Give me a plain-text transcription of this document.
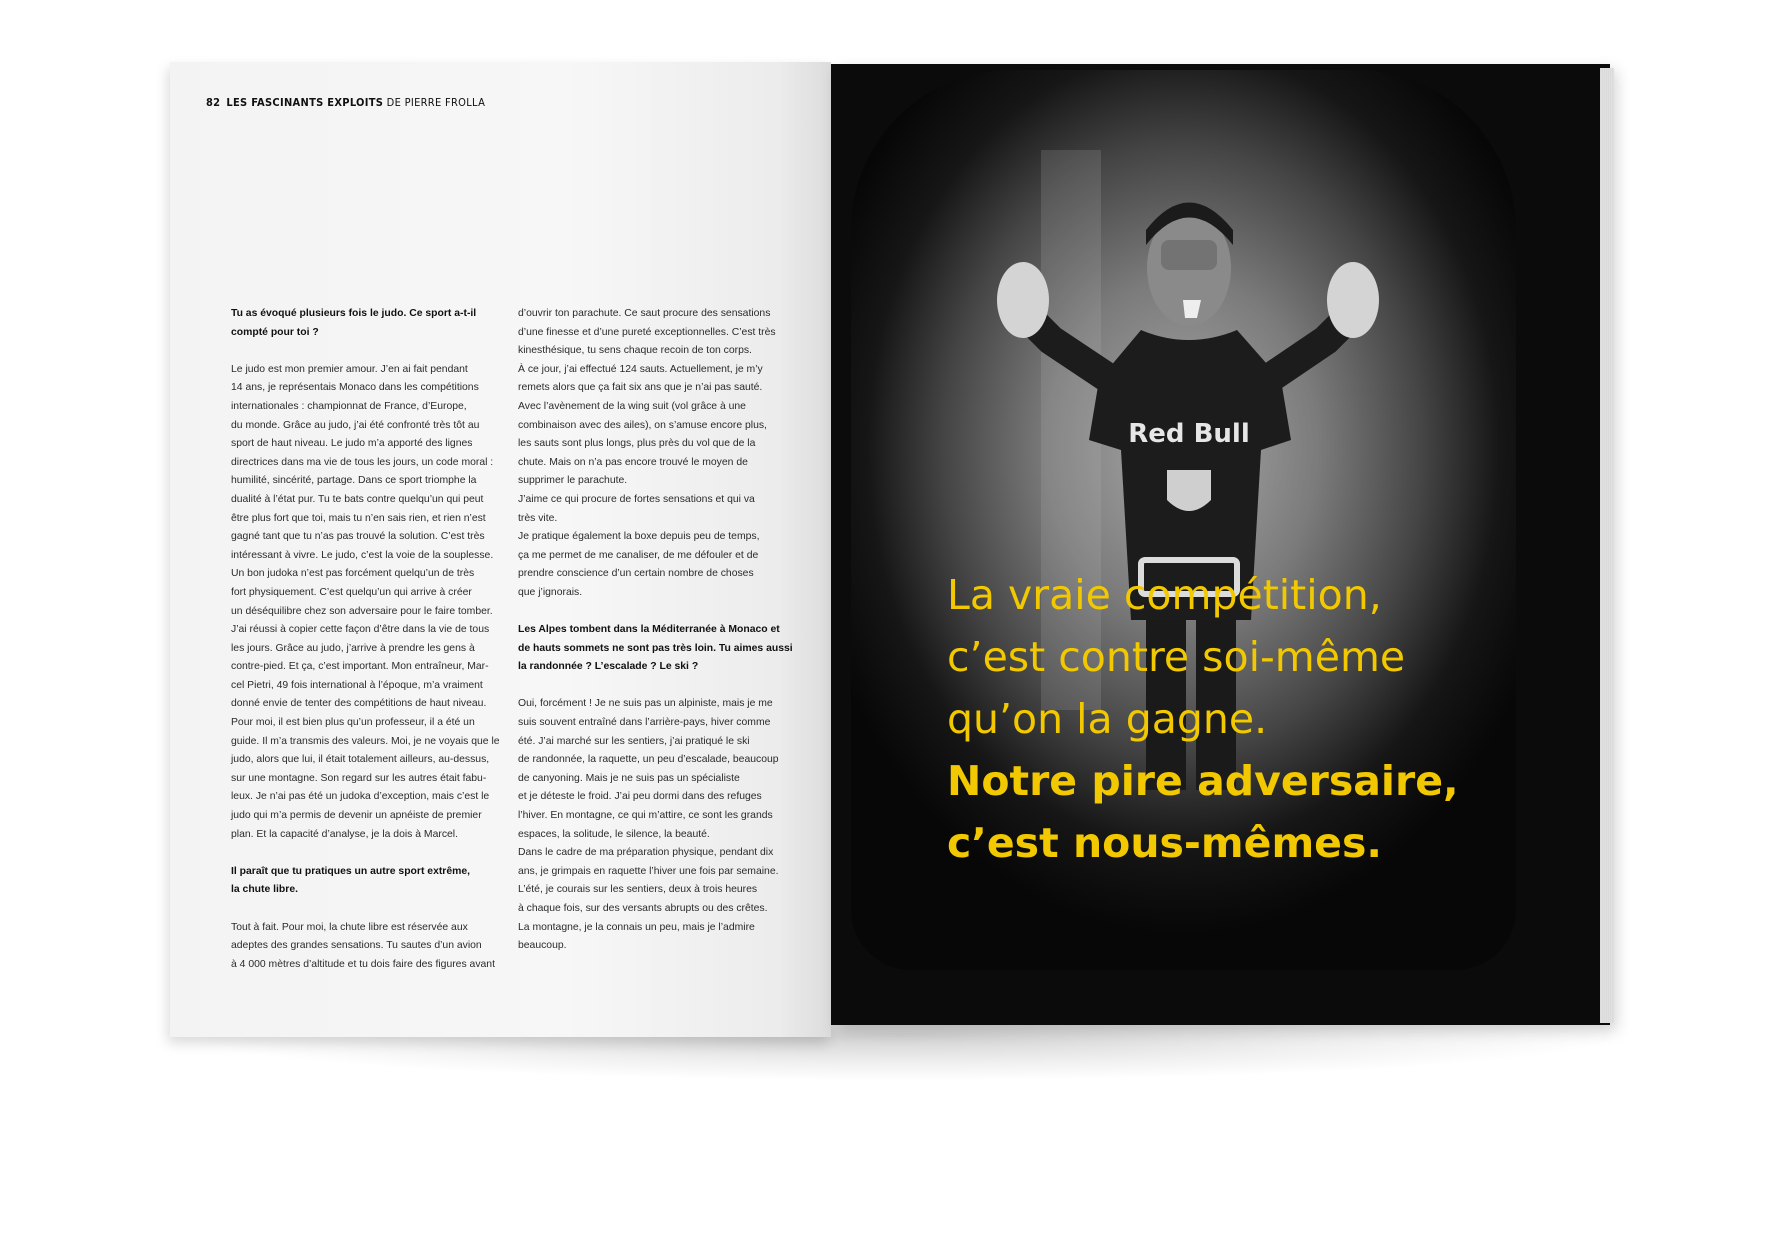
82 LES FASCINANTS EXPLOITS DE PIERRE FROLLA

Tu as évoqué plusieurs fois le judo. Ce sport a-t-il
compté pour toi ?

Le judo est mon premier amour. J’en ai fait pendant
14 ans, je représentais Monaco dans les compétitions
internationales : championnat de France, d’Europe,
du monde. Grâce au judo, j’ai été confronté très tôt au
sport de haut niveau. Le judo m’a apporté des lignes
directrices dans ma vie de tous les jours, un code moral :
humilité, sincérité, partage. Dans ce sport triomphe la
dualité à l’état pur. Tu te bats contre quelqu’un qui peut
être plus fort que toi, mais tu n’en sais rien, et rien n’est
gagné tant que tu n’as pas trouvé la solution. C’est très
intéressant à vivre. Le judo, c’est la voie de la souplesse.
Un bon judoka n’est pas forcément quelqu’un de très
fort physiquement. C’est quelqu’un qui arrive à créer
un déséquilibre chez son adversaire pour le faire tomber.
J’ai réussi à copier cette façon d’être dans la vie de tous
les jours. Grâce au judo, j’arrive à prendre les gens à
contre-pied. Et ça, c’est important. Mon entraîneur, Mar-
cel Pietri, 49 fois international à l’époque, m’a vraiment
donné envie de tenter des compétitions de haut niveau.
Pour moi, il est bien plus qu’un professeur, il a été un
guide. Il m’a transmis des valeurs. Moi, je ne voyais que le
judo, alors que lui, il était totalement ailleurs, au-dessus,
sur une montagne. Son regard sur les autres était fabu-
leux. Je n’ai pas été un judoka d’exception, mais c’est le
judo qui m’a permis de devenir un apnéiste de premier
plan. Et la capacité d’analyse, je la dois à Marcel.

Il paraît que tu pratiques un autre sport extrême,
la chute libre.

Tout à fait. Pour moi, la chute libre est réservée aux
adeptes des grandes sensations. Tu sautes d’un avion
à 4 000 mètres d’altitude et tu dois faire des figures avant

d’ouvrir ton parachute. Ce saut procure des sensations
d’une finesse et d’une pureté exceptionnelles. C’est très
kinesthésique, tu sens chaque recoin de ton corps.
À ce jour, j’ai effectué 124 sauts. Actuellement, je m’y
remets alors que ça fait six ans que je n’ai pas sauté.
Avec l’avènement de la wing suit (vol grâce à une
combinaison avec des ailes), on s’amuse encore plus,
les sauts sont plus longs, plus près du vol que de la
chute. Mais on n’a pas encore trouvé le moyen de
supprimer le parachute.
J’aime ce qui procure de fortes sensations et qui va
très vite.
Je pratique également la boxe depuis peu de temps,
ça me permet de me canaliser, de me défouler et de
prendre conscience d’un certain nombre de choses
que j’ignorais.

Les Alpes tombent dans la Méditerranée à Monaco et
de hauts sommets ne sont pas très loin. Tu aimes aussi
la randonnée ? L’escalade ? Le ski ?

Oui, forcément ! Je ne suis pas un alpiniste, mais je me
suis souvent entraîné dans l’arrière-pays, hiver comme
été. J’ai marché sur les sentiers, j’ai pratiqué le ski
de randonnée, la raquette, un peu d’escalade, beaucoup
de canyoning. Mais je ne suis pas un spécialiste
et je déteste le froid. J’ai peu dormi dans des refuges
l’hiver. En montagne, ce qui m’attire, ce sont les grands
espaces, la solitude, le silence, la beauté.
Dans le cadre de ma préparation physique, pendant dix
ans, je grimpais en raquette l’hiver une fois par semaine.
L’été, je courais sur les sentiers, deux à trois heures
à chaque fois, sur des versants abrupts ou des crêtes.
La montagne, je la connais un peu, mais je l’admire
beaucoup.

Red Bull
La vraie compétition,
c’est contre soi-même
qu’on la gagne.
Notre pire adversaire,
c’est nous-mêmes.
